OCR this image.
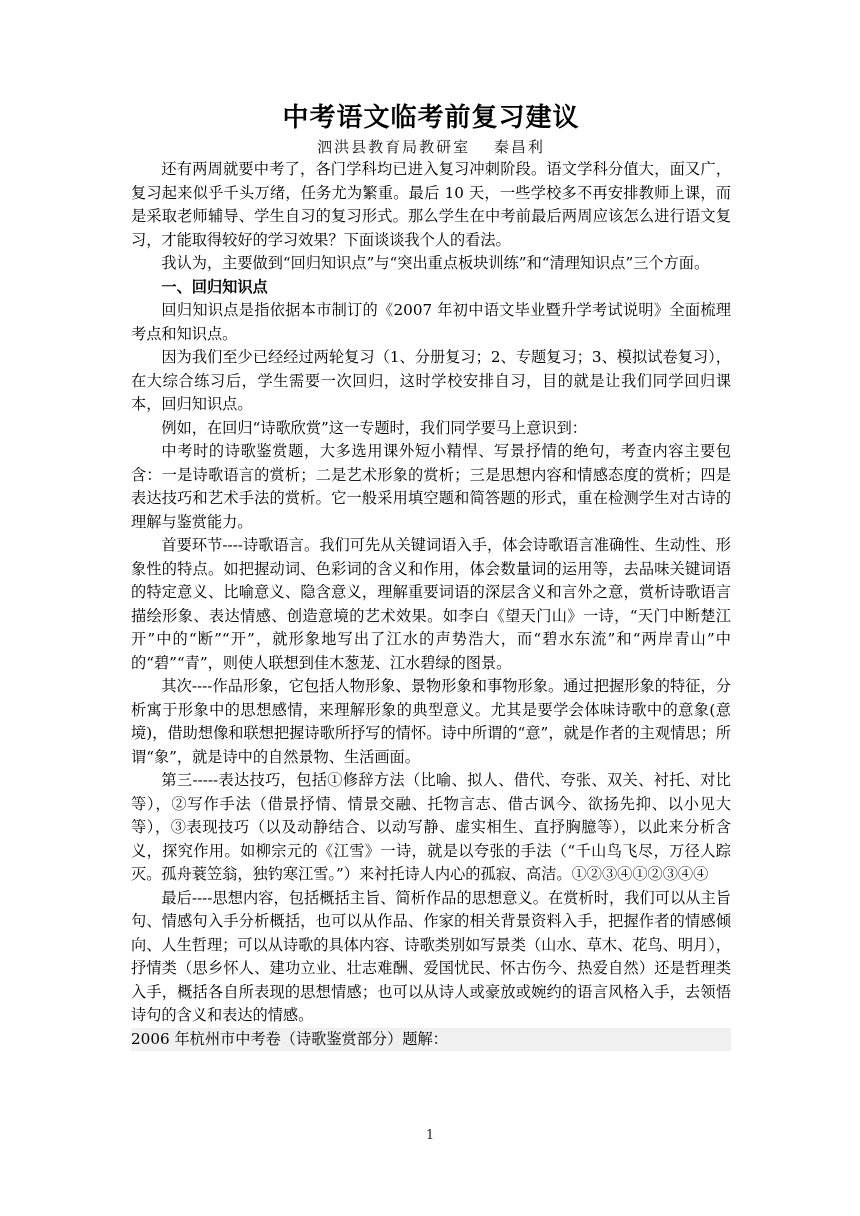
中考语文临考前复习建议

泗洪县教育局教研室　 秦昌利

还有两周就要中考了，各门学科均已进入复习冲刺阶段。语文学科分值大，面又广，复习起来似乎千头万绪，任务尤为繁重。最后 10 天，一些学校多不再安排教师上课，而是采取老师辅导、学生自习的复习形式。那么学生在中考前最后两周应该怎么进行语文复习，才能取得较好的学习效果？下面谈谈我个人的看法。

我认为，主要做到“回归知识点”与“突出重点板块训练”和“清理知识点”三个方面。

一、回归知识点

回归知识点是指依据本市制订的《2007 年初中语文毕业暨升学考试说明》全面梳理考点和知识点。

因为我们至少已经经过两轮复习（1、分册复习；2、专题复习；3、模拟试卷复习），在大综合练习后，学生需要一次回归，这时学校安排自习，目的就是让我们同学回归课本，回归知识点。

例如，在回归“诗歌欣赏”这一专题时，我们同学要马上意识到：

中考时的诗歌鉴赏题，大多选用课外短小精悍、写景抒情的绝句，考查内容主要包含：一是诗歌语言的赏析；二是艺术形象的赏析；三是思想内容和情感态度的赏析；四是表达技巧和艺术手法的赏析。它一般采用填空题和简答题的形式，重在检测学生对古诗的理解与鉴赏能力。

首要环节----诗歌语言。我们可先从关键词语入手，体会诗歌语言准确性、生动性、形象性的特点。如把握动词、色彩词的含义和作用，体会数量词的运用等，去品味关键词语的特定意义、比喻意义、隐含意义，理解重要词语的深层含义和言外之意，赏析诗歌语言描绘形象、表达情感、创造意境的艺术效果。如李白《望天门山》一诗，“天门中断楚江开”中的“断”“开”，就形象地写出了江水的声势浩大，而“碧水东流”和“两岸青山”中的“碧”“青”，则使人联想到佳木葱茏、江水碧绿的图景。

其次----作品形象，它包括人物形象、景物形象和事物形象。通过把握形象的特征，分析寓于形象中的思想感情，来理解形象的典型意义。尤其是要学会体味诗歌中的意象(意境)，借助想像和联想把握诗歌所抒写的情怀。诗中所谓的“意”，就是作者的主观情思；所谓“象”，就是诗中的自然景物、生活画面。

第三-----表达技巧，包括①修辞方法（比喻、拟人、借代、夸张、双关、衬托、对比等），②写作手法（借景抒情、情景交融、托物言志、借古讽今、欲扬先抑、以小见大等），③表现技巧（以及动静结合、以动写静、虚实相生、直抒胸臆等），以此来分析含义，探究作用。如柳宗元的《江雪》一诗，就是以夸张的手法（“千山鸟飞尽，万径人踪灭。孤舟蓑笠翁，独钓寒江雪。”）来衬托诗人内心的孤寂、高洁。①②③④①②③④④

最后----思想内容，包括概括主旨、简析作品的思想意义。在赏析时，我们可以从主旨句、情感句入手分析概括，也可以从作品、作家的相关背景资料入手，把握作者的情感倾向、人生哲理；可以从诗歌的具体内容、诗歌类别如写景类（山水、草木、花鸟、明月），抒情类（思乡怀人、建功立业、壮志难酬、爱国忧民、怀古伤今、热爱自然）还是哲理类入手，概括各自所表现的思想情感；也可以从诗人或豪放或婉约的语言风格入手，去领悟诗句的含义和表达的情感。

2006 年杭州市中考卷（诗歌鉴赏部分）题解：

1
